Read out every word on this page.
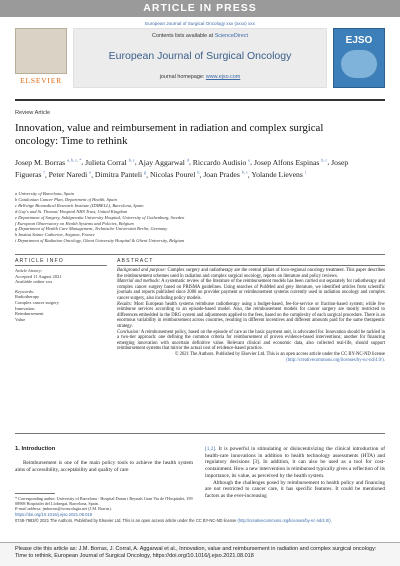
ARTICLE IN PRESS
European Journal of Surgical Oncology xxx (xxxx) xxx
ELSEVIER
Contents lists available at ScienceDirect
European Journal of Surgical Oncology
journal homepage: www.ejso.com
EJSO
Review Article
Innovation, value and reimbursement in radiation and complex surgical oncology: Time to rethink
Josep M. Borras $^{a, b, c, *}$, Julieta Corral $^{b, c}$, Ajay Aggarwal $^d$, Riccardo Audisio $^e$, Josep Alfons Espinas $^{b, c}$, Josep Figueras $^f$, Peter Naredi $^e$, Dimitra Panteli $^g$, Nicolas Pourel $^h$, Joan Prades $^{b, c}$, Yolande Lievens $^i$
a University of Barcelona, Spain
b Catalonian Cancer Plan, Department of Health, Spain
c Bellvitge Biomedical Research Institute (IDIBELL), Barcelona, Spain
d Guy's and St. Thomas' Hospital NHS Trust, United Kingdom
e Department of Surgery, Sahlgrenska University Hospital, University of Gothenburg, Sweden
f European Observatory on Health Systems and Policies, Belgium
g Department of Health Care Management, Technische Universität Berlin, Germany
h Institut Sainte Catherine, Avignon, France
i Department of Radiation Oncology, Ghent University Hospital & Ghent University, Belgium
ARTICLE INFO	ABSTRACT
Article history:
Accepted 11 August 2021
Available online xxx
Keywords:
Radiotherapy
Complex cancer surgery
Innovation
Reimbursement
Value

Background and purpose: Complex surgery and radiotherapy are the central pillars of loco-regional oncology treatment. This paper describes the reimbursement schemes used in radiation and complex surgical oncology, reports on literature and policy reviews.

Material and methods: A systematic review of the literature of the reimbursement models has been carried out separately for radiotherapy and complex cancer surgery based on PRISMA guidelines. Using searches of PubMed and grey literature, we identified articles from scientific journals and reports published since 2000 on provider payment or reimbursement systems currently used in radiation oncology and complex cancer surgery, also including policy models.

Results: Most European health systems reimburse radiotherapy using a budget-based, fee-for-service or fraction-based system; while few reimburse services according to an episode-based model. Also, the reimbursement models for cancer surgery are mostly restricted to differences embedded in the DRG system and adjustments applied to the fees, based on the complexity of each surgical procedure. There is an enormous variability in reimbursement across countries, resulting in different incentives and different amounts paid for the same therapeutic strategy.

Conclusion: A reimbursement policy, based on the episode of care as the basic payment unit, is advocated for. Innovation should be tackled in a two-tier approach: one defining the common criteria for reimbursement of proven evidence-based interventions; another for financing emerging innovation with uncertain definitive value. Relevant clinical and economic data, also collected real-life, should support reimbursement systems that mirror the actual cost of evidence-based practice.

© 2021 The Authors. Published by Elsevier Ltd. This is an open access article under the CC BY-NC-ND license (http://creativecommons.org/licenses/by-nc-nd/4.0/).

1. Introduction
Reimbursement is one of the main policy tools to achieve the health system aims of accessibility, acceptability and quality of care

[1,2]. It is powerful in stimulating or disincentivizing the clinical introduction of health-care innovations in addition to health technology assessments (HTA) and regulatory decisions [3]. In addition, it can also be used as a tool for cost-containment. How a new intervention is reimbursed typically gives a reflection of its importance, its value, as perceived by the health system.

Although the challenges posed by reimbursement to health policy and financing are not restricted to cancer care, it has specific features. It could be mentioned factors as the ever-increasing

* Corresponding author. University of Barcelona - Hospital Duran i Reynals Gran Via de l'Hospitalet, 199 08908 Hospitalet del Llobregat, Barcelona, Spain.
E-mail address: jmborras@iconcologia.net (J.M. Borras).
https://doi.org/10.1016/j.ejso.2021.08.018
0748-7983/© 2021 The Authors. Published by Elsevier Ltd. This is an open access article under the CC BY-NC-ND license (http://creativecommons.org/licenses/by-nc-nd/4.0/).
Please cite this article as: J.M. Borras, J. Corral, A. Aggarwal et al., Innovation, value and reimbursement in radiation and complex surgical oncology: Time to rethink, European Journal of Surgical Oncology, https://doi.org/10.1016/j.ejso.2021.08.018
